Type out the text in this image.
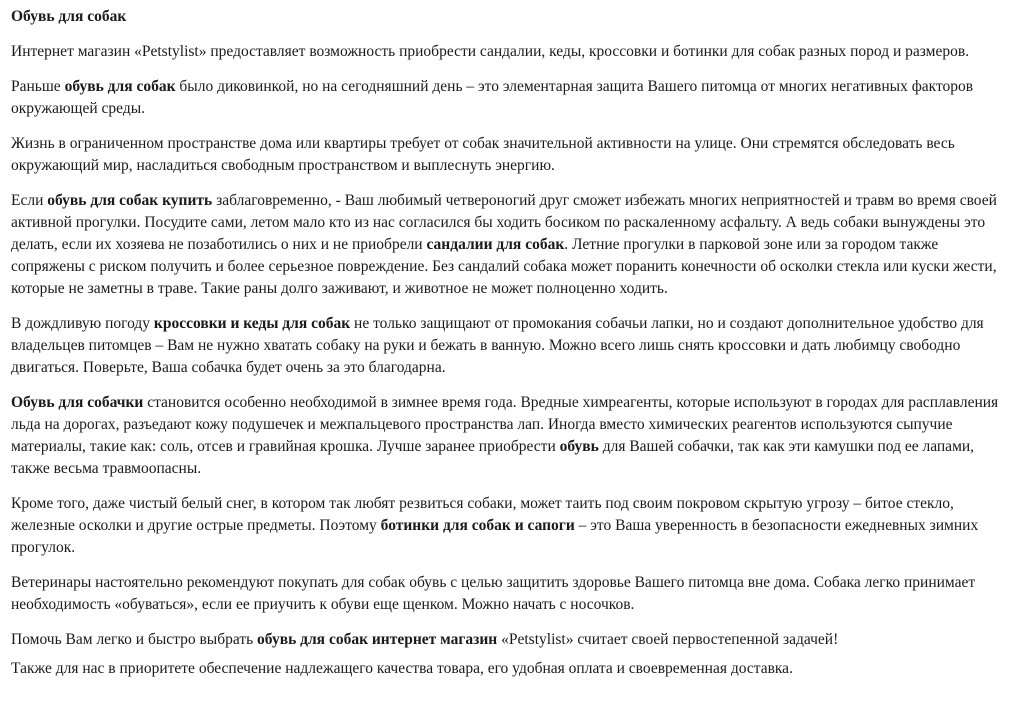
Обувь для собак

Интернет магазин «Petstylist» предоставляет возможность приобрести сандалии, кеды, кроссовки и ботинки для собак разных пород и размеров.

Раньше обувь для собак было диковинкой, но на сегодняшний день – это элементарная защита Вашего питомца от многих негативных факторов окружающей среды.

Жизнь в ограниченном пространстве дома или квартиры требует от собак значительной активности на улице. Они стремятся обследовать весь окружающий мир, насладиться свободным пространством и выплеснуть энергию.

Если обувь для собак купить заблаговременно, - Ваш любимый четвероногий друг сможет избежать многих неприятностей и травм во время своей активной прогулки. Посудите сами, летом мало кто из нас согласился бы ходить босиком по раскаленному асфальту. А ведь собаки вынуждены это делать, если их хозяева не позаботились о них и не приобрели сандалии для собак. Летние прогулки в парковой зоне или за городом также сопряжены с риском получить и более серьезное повреждение. Без сандалий собака может поранить конечности об осколки стекла или куски жести, которые не заметны в траве. Такие раны долго заживают, и животное не может полноценно ходить.

В дождливую погоду кроссовки и кеды для собак не только защищают от промокания собачьи лапки, но и создают дополнительное удобство для владельцев питомцев – Вам не нужно хватать собаку на руки и бежать в ванную. Можно всего лишь снять кроссовки и дать любимцу свободно двигаться. Поверьте, Ваша собачка будет очень за это благодарна.

Обувь для собачки становится особенно необходимой в зимнее время года. Вредные химреагенты, которые используют в городах для расплавления льда на дорогах, разъедают кожу подушечек и межпальцевого пространства лап. Иногда вместо химических реагентов используются сыпучие материалы, такие как: соль, отсев и гравийная крошка. Лучше заранее приобрести обувь для Вашей собачки, так как эти камушки под ее лапами, также весьма травмоопасны.

Кроме того, даже чистый белый снег, в котором так любят резвиться собаки, может таить под своим покровом скрытую угрозу – битое стекло, железные осколки и другие острые предметы. Поэтому ботинки для собак и сапоги – это Ваша уверенность в безопасности ежедневных зимних прогулок.

Ветеринары настоятельно рекомендуют покупать для собак обувь с целью защитить здоровье Вашего питомца вне дома. Собака легко принимает необходимость «обуваться», если ее приучить к обуви еще щенком. Можно начать с носочков.

Помочь Вам легко и быстро выбрать обувь для собак интернет магазин «Petstylist» считает своей первостепенной задачей!

Также для нас в приоритете обеспечение надлежащего качества товара, его удобная оплата и своевременная доставка.
